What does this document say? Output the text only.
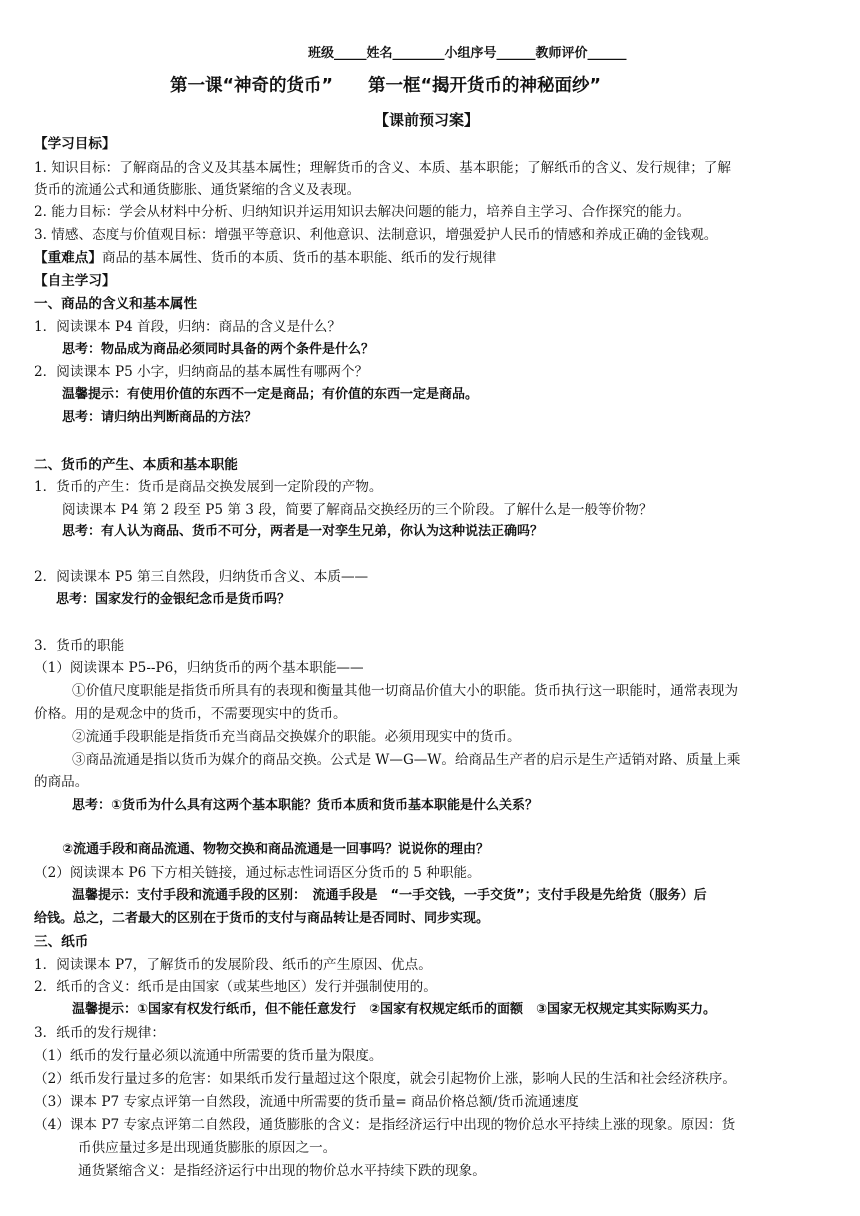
班级_____姓名________小组序号______教师评价______
第一课“神奇的货币”　　第一框“揭开货币的神秘面纱”
【课前预习案】
【学习目标】
1. 知识目标：了解商品的含义及其基本属性；理解货币的含义、本质、基本职能；了解纸币的含义、发行规律；了解
货币的流通公式和通货膨胀、通货紧缩的含义及表现。
2. 能力目标：学会从材料中分析、归纳知识并运用知识去解决问题的能力，培养自主学习、合作探究的能力。
3. 情感、态度与价值观目标：增强平等意识、利他意识、法制意识，增强爱护人民币的情感和养成正确的金钱观。
【重难点】商品的基本属性、货币的本质、货币的基本职能、纸币的发行规律
【自主学习】
一、商品的含义和基本属性
1．阅读课本 P4 首段，归纳：商品的含义是什么？
思考：物品成为商品必须同时具备的两个条件是什么？
2．阅读课本 P5 小字，归纳商品的基本属性有哪两个？
温馨提示：有使用价值的东西不一定是商品；有价值的东西一定是商品。
思考：请归纳出判断商品的方法？
二、货币的产生、本质和基本职能
1．货币的产生：货币是商品交换发展到一定阶段的产物。
阅读课本 P4 第 2 段至 P5 第 3 段，简要了解商品交换经历的三个阶段。了解什么是一般等价物？
思考：有人认为商品、货币不可分，两者是一对孪生兄弟，你认为这种说法正确吗？
2．阅读课本 P5 第三自然段，归纳货币含义、本质——
思考：国家发行的金银纪念币是货币吗？
3．货币的职能
（1）阅读课本 P5--P6，归纳货币的两个基本职能——
①价值尺度职能是指货币所具有的表现和衡量其他一切商品价值大小的职能。货币执行这一职能时，通常表现为
价格。用的是观念中的货币，不需要现实中的货币。
②流通手段职能是指货币充当商品交换媒介的职能。必须用现实中的货币。
③商品流通是指以货币为媒介的商品交换。公式是 W—G—W。给商品生产者的启示是生产适销对路、质量上乘
的商品。
思考：①货币为什么具有这两个基本职能？货币本质和货币基本职能是什么关系？
②流通手段和商品流通、物物交换和商品流通是一回事吗？说说你的理由？
（2）阅读课本 P6 下方相关链接，通过标志性词语区分货币的 5 种职能。
温馨提示：支付手段和流通手段的区别：　流通手段是　“一手交钱，一手交货”；支付手段是先给货（服务）后
给钱。总之，二者最大的区别在于货币的支付与商品转让是否同时、同步实现。
三、纸币
1．阅读课本 P7，了解货币的发展阶段、纸币的产生原因、优点。
2．纸币的含义：纸币是由国家（或某些地区）发行并强制使用的。
温馨提示：①国家有权发行纸币，但不能任意发行　②国家有权规定纸币的面额　③国家无权规定其实际购买力。
3．纸币的发行规律：
（1）纸币的发行量必须以流通中所需要的货币量为限度。
（2）纸币发行量过多的危害：如果纸币发行量超过这个限度，就会引起物价上涨，影响人民的生活和社会经济秩序。
（3）课本 P7 专家点评第一自然段，流通中所需要的货币量= 商品价格总额/货币流通速度
（4）课本 P7 专家点评第二自然段，通货膨胀的含义：是指经济运行中出现的物价总水平持续上涨的现象。原因：货
币供应量过多是出现通货膨胀的原因之一。
通货紧缩含义：是指经济运行中出现的物价总水平持续下跌的现象。
